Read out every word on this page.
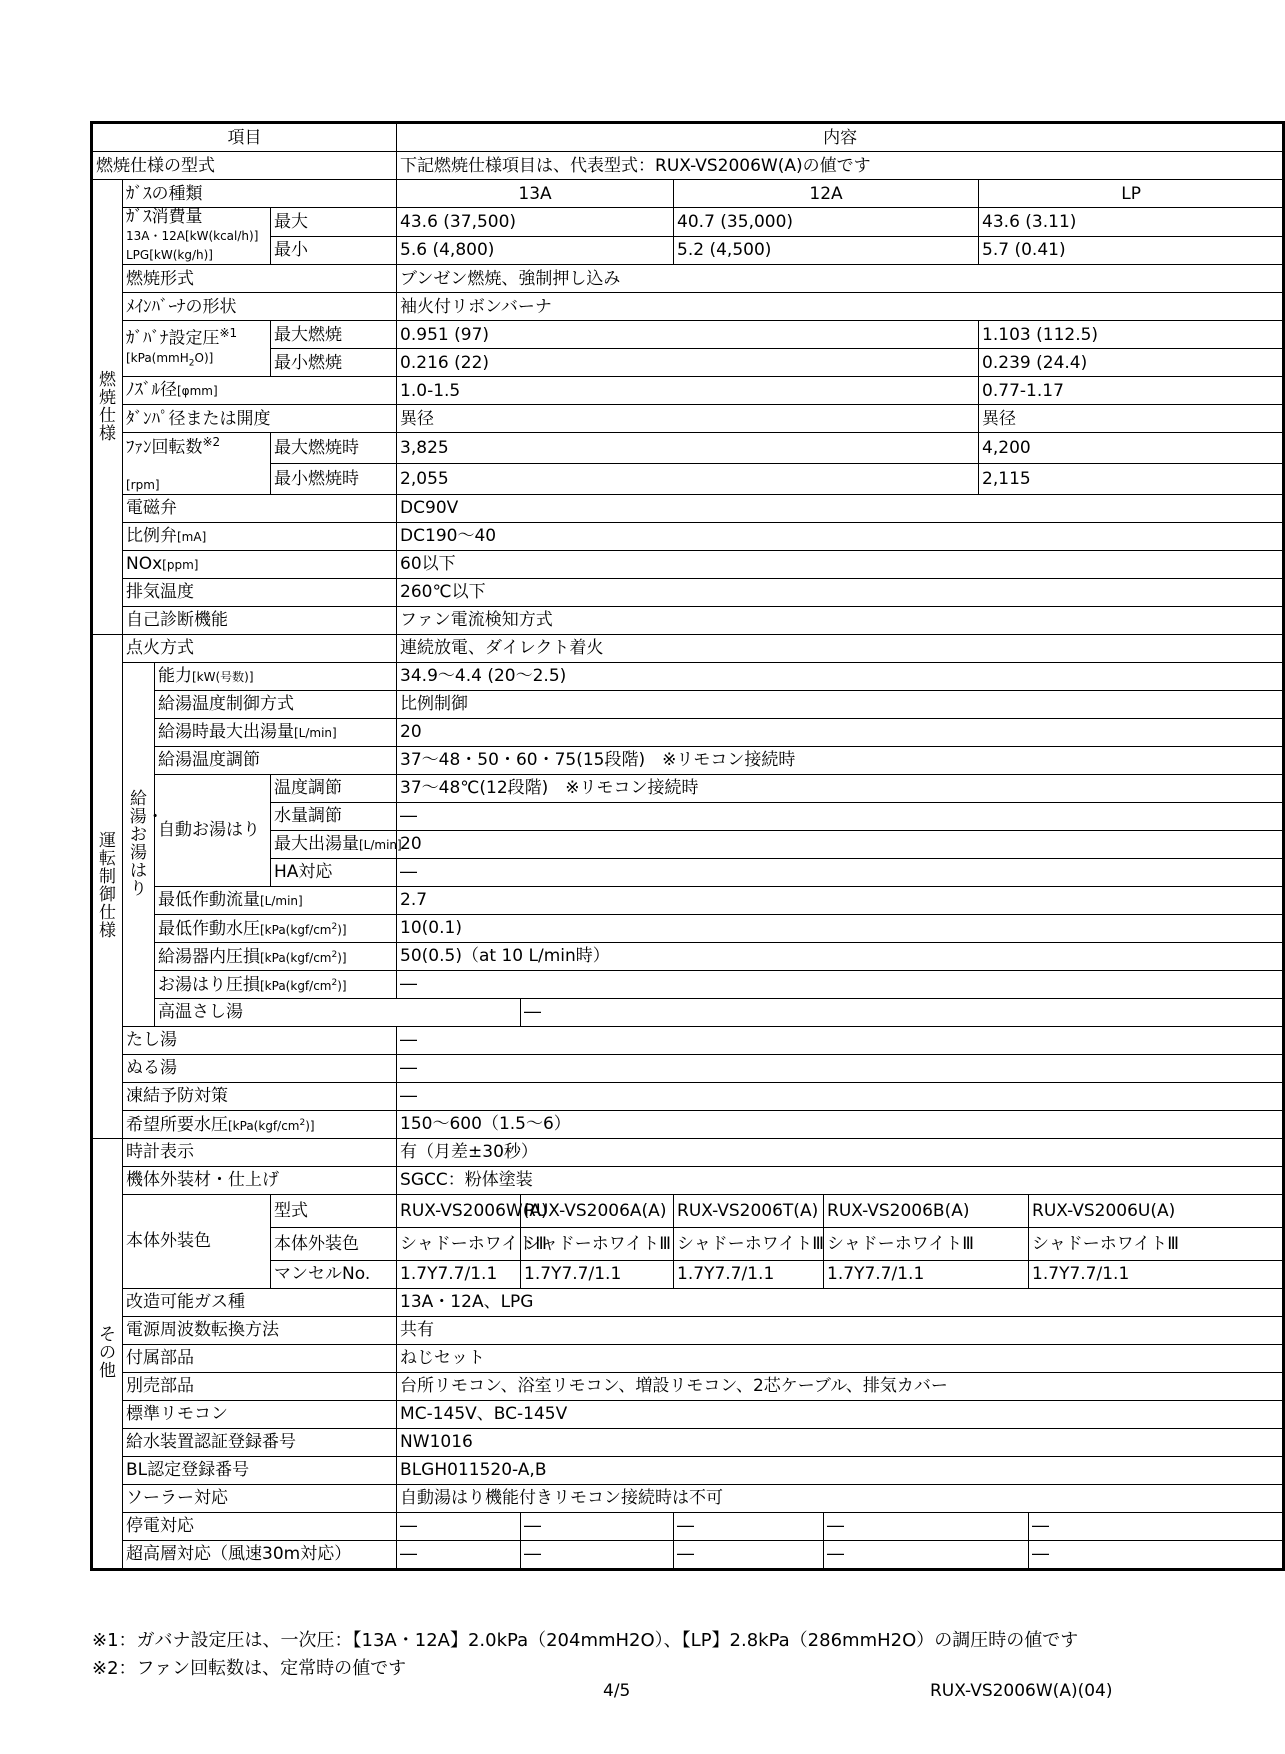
項目				内容					
燃焼仕様の型式				下記燃焼仕様項目は、代表型式：RUX-VS2006W(A)の値です					
燃焼仕様	ｶﾞｽの種類			13A		12A		LP	
	ｶﾞｽ消費量
13A・12A[kW(kcal/h)]
LPG[kW(kg/h)]		最大	43.6 (37,500)		40.7 (35,000)		43.6 (3.11)	
			最小	5.6 (4,800)		5.2 (4,500)		5.7 (0.41)	
	燃焼形式			ブンゼン燃焼、強制押し込み					
	ﾒｲﾝﾊﾞｰﾅの形状			袖火付リボンバーナ					
	ｶﾞﾊﾞﾅ設定圧$^{※1}$
[kPa(mmH$_2$O)]		最大燃焼	0.951 (97)				1.103 (112.5)	
			最小燃焼	0.216 (22)				0.239 (24.4)	
	ﾉｽﾞﾙ径[φmm]			1.0-1.5				0.77-1.17	
	ﾀﾞﾝﾊﾟ径または開度			異径				異径	
	ﾌｧﾝ回転数$^{※2}$

[rpm]		最大燃焼時	3,825				4,200	
			最小燃焼時	2,055				2,115	
	電磁弁			DC90V					
	比例弁[mA]			DC190～40					
	NOx[ppm]			60以下					
	排気温度			260℃以下					
	自己診断機能			ファン電流検知方式					
運転制御仕様	点火方式			連続放電、ダイレクト着火					
	給湯・お湯はり	能力[kW(号数)]		34.9～4.4 (20～2.5)					
		給湯温度制御方式		比例制御					
		給湯時最大出湯量[L/min]		20					
		給湯温度調節		37～48・50・60・75(15段階)　※リモコン接続時					
		自動お湯はり	温度調節	37～48℃(12段階)　※リモコン接続時					
			水量調節	―					
			最大出湯量[L/min]	20					
			HA対応	―					
		最低作動流量[L/min]		2.7					
		最低作動水圧$[kPa(kgf/cm^2)]$		10(0.1)					
		給湯器内圧損$[kPa(kgf/cm^2)]$		50(0.5)（at 10 L/min時）					
		お湯はり圧損$[kPa(kgf/cm^2)]$		―					
		高温さし湯			―				
	たし湯			―					
	ぬる湯			―					
	凍結予防対策			―					
	希望所要水圧$[kPa(kgf/cm^2)]$			150～600（1.5～6）					
その他	時計表示			有（月差±30秒）					
	機体外装材・仕上げ			SGCC：粉体塗装					
	本体外装色		型式	RUX-VS2006W(A)	RUX-VS2006A(A)	RUX-VS2006T(A)	RUX-VS2006B(A)		RUX-VS2006U(A)
			本体外装色	シャドーホワイトⅢ	シャドーホワイトⅢ	シャドーホワイトⅢ	シャドーホワイトⅢ		シャドーホワイトⅢ
			マンセルNo.	1.7Y7.7/1.1	1.7Y7.7/1.1	1.7Y7.7/1.1	1.7Y7.7/1.1		1.7Y7.7/1.1
	改造可能ガス種			13A・12A、LPG					
	電源周波数転換方法			共有					
	付属部品			ねじセット					
	別売部品			台所リモコン、浴室リモコン、増設リモコン、2芯ケーブル、排気カバー					
	標準リモコン			MC-145V、BC-145V					
	給水装置認証登録番号			NW1016					
	BL認定登録番号			BLGH011520-A,B					
	ソーラー対応			自動湯はり機能付きリモコン接続時は不可					
	停電対応			―	―	―	―		―
	超高層対応（風速30m対応）			―	―	―	―		―
※1：ガバナ設定圧は、一次圧：【13A・12A】2.0kPa（204mmH2O）、【LP】2.8kPa（286mmH2O）の調圧時の値です
※2：ファン回転数は、定常時の値です
4/5	RUX-VS2006W(A)(04)
